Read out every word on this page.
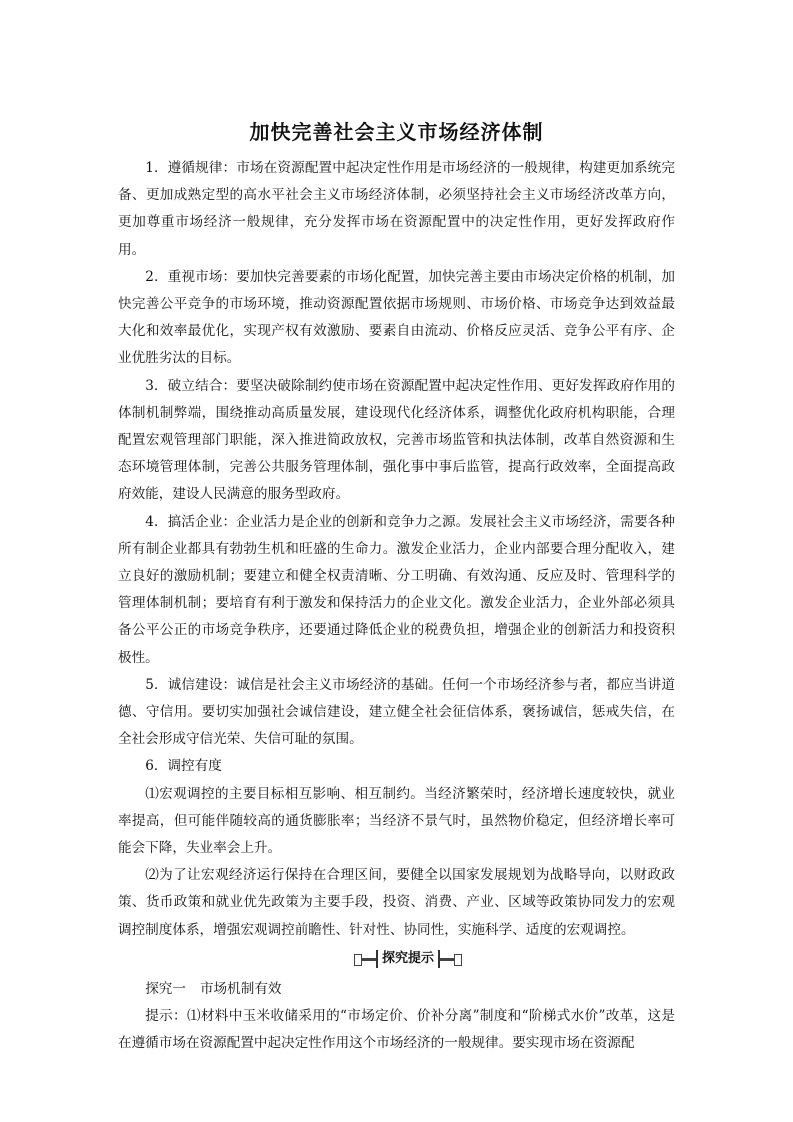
加快完善社会主义市场经济体制

1．遵循规律：市场在资源配置中起决定性作用是市场经济的一般规律，构建更加系统完备、更加成熟定型的高水平社会主义市场经济体制，必须坚持社会主义市场经济改革方向，更加尊重市场经济一般规律，充分发挥市场在资源配置中的决定性作用，更好发挥政府作用。

2．重视市场：要加快完善要素的市场化配置，加快完善主要由市场决定价格的机制，加快完善公平竞争的市场环境，推动资源配置依据市场规则、市场价格、市场竞争达到效益最大化和效率最优化，实现产权有效激励、要素自由流动、价格反应灵活、竞争公平有序、企业优胜劣汰的目标。

3．破立结合：要坚决破除制约使市场在资源配置中起决定性作用、更好发挥政府作用的体制机制弊端，围绕推动高质量发展，建设现代化经济体系，调整优化政府机构职能，合理配置宏观管理部门职能，深入推进简政放权，完善市场监管和执法体制，改革自然资源和生态环境管理体制，完善公共服务管理体制，强化事中事后监管，提高行政效率，全面提高政府效能，建设人民满意的服务型政府。

4．搞活企业：企业活力是企业的创新和竞争力之源。发展社会主义市场经济，需要各种所有制企业都具有勃勃生机和旺盛的生命力。激发企业活力，企业内部要合理分配收入，建立良好的激励机制；要建立和健全权责清晰、分工明确、有效沟通、反应及时、管理科学的管理体制机制；要培育有利于激发和保持活力的企业文化。激发企业活力，企业外部必须具备公平公正的市场竞争秩序，还要通过降低企业的税费负担，增强企业的创新活力和投资积极性。

5．诚信建设：诚信是社会主义市场经济的基础。任何一个市场经济参与者，都应当讲道德、守信用。要切实加强社会诚信建设，建立健全社会征信体系，褒扬诚信，惩戒失信，在全社会形成守信光荣、失信可耻的氛围。

6．调控有度

⑴宏观调控的主要目标相互影响、相互制约。当经济繁荣时，经济增长速度较快，就业率提高，但可能伴随较高的通货膨胀率；当经济不景气时，虽然物价稳定，但经济增长率可能会下降，失业率会上升。

⑵为了让宏观经济运行保持在合理区间，要健全以国家发展规划为战略导向，以财政政策、货币政策和就业优先政策为主要手段，投资、消费、产业、区域等政策协同发力的宏观调控制度体系，增强宏观调控前瞻性、针对性、协同性，实施科学、适度的宏观调控。

探究提示
探究一 市场机制有效

提示：⑴材料中玉米收储采用的“市场定价、价补分离”制度和“阶梯式水价”改革，这是在遵循市场在资源配置中起决定性作用这个市场经济的一般规律。要实现市场在资源配
